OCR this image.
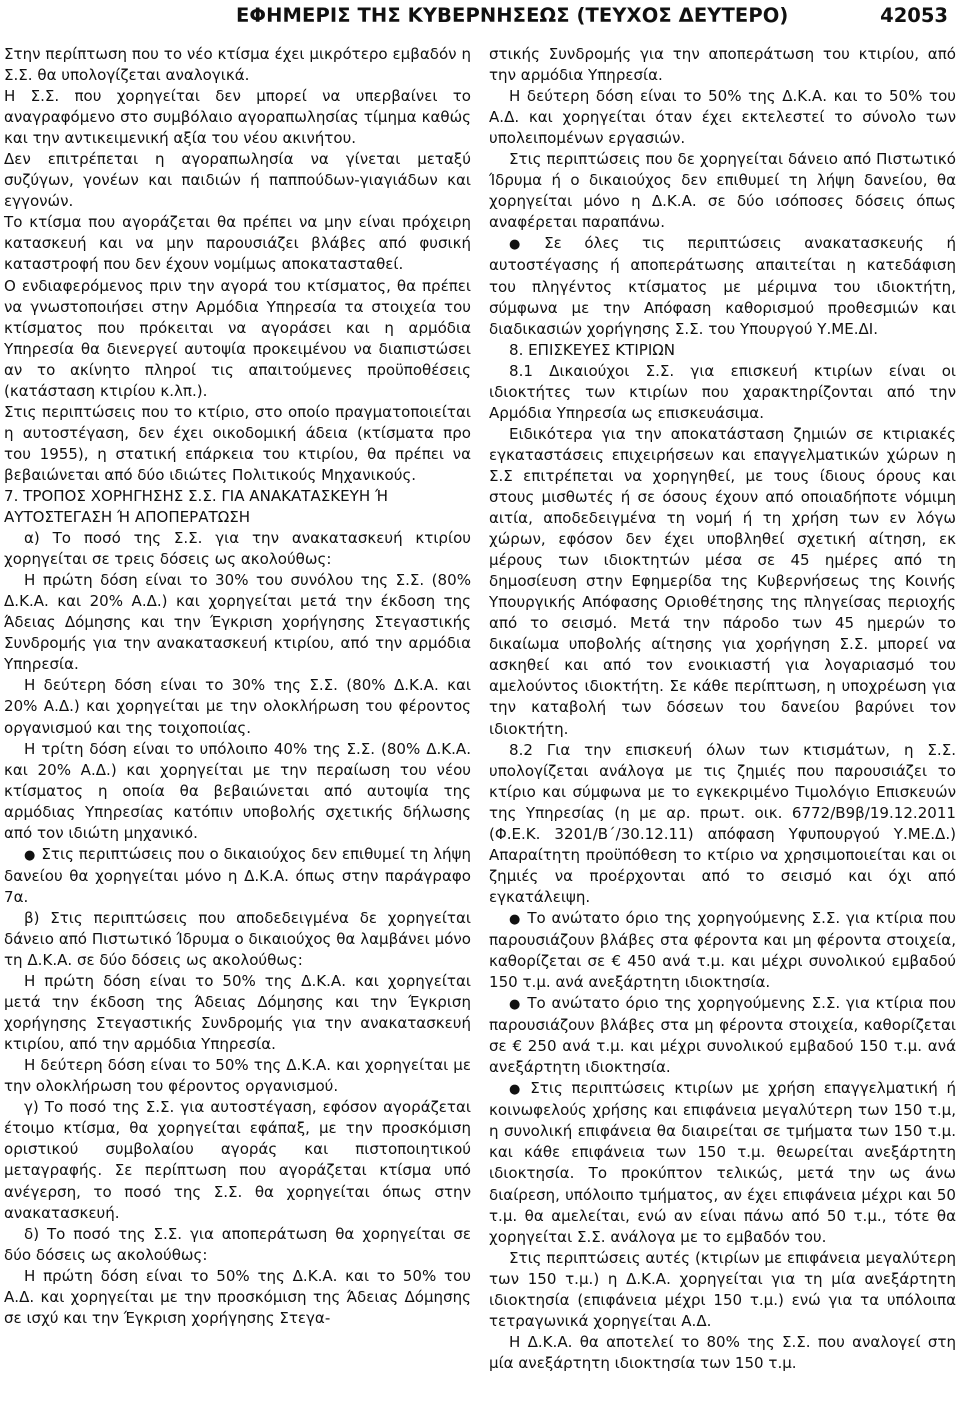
ΕΦΗΜΕΡΙΣ ΤΗΣ ΚΥΒΕΡΝΗΣΕΩΣ (ΤΕΥΧΟΣ ΔΕΥΤΕΡΟ)	42053

Στην περίπτωση που το νέο κτίσμα έχει μικρότερο εμβαδόν η Σ.Σ. θα υπολογίζεται αναλογικά.

Η Σ.Σ. που χορηγείται δεν μπορεί να υπερβαίνει το αναγραφόμενο στο συμβόλαιο αγοραπωλησίας τίμημα καθώς και την αντικειμενική αξία του νέου ακινήτου.

Δεν επιτρέπεται η αγοραπωλησία να γίνεται μεταξύ συζύγων, γονέων και παιδιών ή παππούδων-γιαγιάδων και εγγονών.

Το κτίσμα που αγοράζεται θα πρέπει να μην είναι πρόχειρη κατασκευή και να μην παρουσιάζει βλάβες από φυσική καταστροφή που δεν έχουν νομίμως αποκατασταθεί.

Ο ενδιαφερόμενος πριν την αγορά του κτίσματος, θα πρέπει να γνωστοποιήσει στην Αρμόδια Υπηρεσία τα στοιχεία του κτίσματος που πρόκειται να αγοράσει και η αρμόδια Υπηρεσία θα διενεργεί αυτοψία προκειμένου να διαπιστώσει αν το ακίνητο πληροί τις απαιτούμενες προϋποθέσεις (κατάσταση κτιρίου κ.λπ.).

Στις περιπτώσεις που το κτίριο, στο οποίο πραγματοποιείται η αυτοστέγαση, δεν έχει οικοδομική άδεια (κτίσματα προ του 1955), η στατική επάρκεια του κτιρίου, θα πρέπει να βεβαιώνεται από δύο ιδιώτες Πολιτικούς Μηχανικούς.

7. ΤΡΟΠΟΣ ΧΟΡΗΓΗΣΗΣ Σ.Σ. ΓΙΑ ΑΝΑΚΑΤΑΣΚΕΥΗ Ή ΑΥΤΟΣΤΕΓΑΣΗ Ή ΑΠΟΠΕΡΑΤΩΣΗ

α) Το ποσό της Σ.Σ. για την ανακατασκευή κτιρίου χορηγείται σε τρεις δόσεις ως ακολούθως:

Η πρώτη δόση είναι το 30% του συνόλου της Σ.Σ. (80% Δ.Κ.Α. και 20% Α.Δ.) και χορηγείται μετά την έκδοση της Άδειας Δόμησης και την Έγκριση χορήγησης Στεγαστικής Συνδρομής για την ανακατασκευή κτιρίου, από την αρμόδια Υπηρεσία.

Η δεύτερη δόση είναι το 30% της Σ.Σ. (80% Δ.Κ.Α. και 20% Α.Δ.) και χορηγείται με την ολοκλήρωση του φέροντος οργανισμού και της τοιχοποιίας.

Η τρίτη δόση είναι το υπόλοιπο 40% της Σ.Σ. (80% Δ.Κ.Α. και 20% Α.Δ.) και χορηγείται με την περαίωση του νέου κτίσματος η οποία θα βεβαιώνεται από αυτοψία της αρμόδιας Υπηρεσίας κατόπιν υποβολής σχετικής δήλωσης από τον ιδιώτη μηχανικό.

● Στις περιπτώσεις που ο δικαιούχος δεν επιθυμεί τη λήψη δανείου θα χορηγείται μόνο η Δ.Κ.Α. όπως στην παράγραφο 7α.

β) Στις περιπτώσεις που αποδεδειγμένα δε χορηγείται δάνειο από Πιστωτικό Ίδρυμα ο δικαιούχος θα λαμβάνει μόνο τη Δ.Κ.Α. σε δύο δόσεις ως ακολούθως:

Η πρώτη δόση είναι το 50% της Δ.Κ.Α. και χορηγείται μετά την έκδοση της Άδειας Δόμησης και την Έγκριση χορήγησης Στεγαστικής Συνδρομής για την ανακατασκευή κτιρίου, από την αρμόδια Υπηρεσία.

Η δεύτερη δόση είναι το 50% της Δ.Κ.Α. και χορηγείται με την ολοκλήρωση του φέροντος οργανισμού.

γ) Το ποσό της Σ.Σ. για αυτοστέγαση, εφόσον αγοράζεται έτοιμο κτίσμα, θα χορηγείται εφάπαξ, με την προσκόμιση οριστικού συμβολαίου αγοράς και πιστοποιητικού μεταγραφής. Σε περίπτωση που αγοράζεται κτίσμα υπό ανέγερση, το ποσό της Σ.Σ. θα χορηγείται όπως στην ανακατασκευή.

δ) Το ποσό της Σ.Σ. για αποπεράτωση θα χορηγείται σε δύο δόσεις ως ακολούθως:

Η πρώτη δόση είναι το 50% της Δ.Κ.Α. και το 50% του Α.Δ. και χορηγείται με την προσκόμιση της Άδειας Δόμησης σε ισχύ και την Έγκριση χορήγησης Στεγα-

στικής Συνδρομής για την αποπεράτωση του κτιρίου, από την αρμόδια Υπηρεσία.

Η δεύτερη δόση είναι το 50% της Δ.Κ.Α. και το 50% του Α.Δ. και χορηγείται όταν έχει εκτελεστεί το σύνολο των υπολειπομένων εργασιών.

Στις περιπτώσεις που δε χορηγείται δάνειο από Πιστωτικό Ίδρυμα ή ο δικαιούχος δεν επιθυμεί τη λήψη δανείου, θα χορηγείται μόνο η Δ.Κ.Α. σε δύο ισόποσες δόσεις όπως αναφέρεται παραπάνω.

● Σε όλες τις περιπτώσεις ανακατασκευής ή αυτοστέγασης ή αποπεράτωσης απαιτείται η κατεδάφιση του πληγέντος κτίσματος με μέριμνα του ιδιοκτήτη, σύμφωνα με την Απόφαση καθορισμού προθεσμιών και διαδικασιών χορήγησης Σ.Σ. του Υπουργού Υ.ΜΕ.ΔΙ.

8. ΕΠΙΣΚΕΥΕΣ ΚΤΙΡΙΩΝ

8.1 Δικαιούχοι Σ.Σ. για επισκευή κτιρίων είναι οι ιδιοκτήτες των κτιρίων που χαρακτηρίζονται από την Αρμόδια Υπηρεσία ως επισκευάσιμα.

Ειδικότερα για την αποκατάσταση ζημιών σε κτιριακές εγκαταστάσεις επιχειρήσεων και επαγγελματικών χώρων η Σ.Σ επιτρέπεται να χορηγηθεί, με τους ίδιους όρους και στους μισθωτές ή σε όσους έχουν από οποιαδήποτε νόμιμη αιτία, αποδεδειγμένα τη νομή ή τη χρήση των εν λόγω χώρων, εφόσον δεν έχει υποβληθεί σχετική αίτηση, εκ μέρους των ιδιοκτητών μέσα σε 45 ημέρες από τη δημοσίευση στην Εφημερίδα της Κυβερνήσεως της Κοινής Υπουργικής Απόφασης Οριοθέτησης της πληγείσας περιοχής από το σεισμό. Μετά την πάροδο των 45 ημερών το δικαίωμα υποβολής αίτησης για χορήγηση Σ.Σ. μπορεί να ασκηθεί και από τον ενοικιαστή για λογαριασμό του αμελούντος ιδιοκτήτη. Σε κάθε περίπτωση, η υποχρέωση για την καταβολή των δόσεων του δανείου βαρύνει τον ιδιοκτήτη.

8.2 Για την επισκευή όλων των κτισμάτων, η Σ.Σ. υπολογίζεται ανάλογα με τις ζημιές που παρουσιάζει το κτίριο και σύμφωνα με το εγκεκριμένο Τιμολόγιο Επισκευών της Υπηρεσίας (η με αρ. πρωτ. οικ. 6772/Β9β/19.12.2011 (Φ.Ε.Κ. 3201/Β΄/30.12.11) απόφαση Υφυπουργού Υ.ΜΕ.Δ.) Απαραίτητη προϋπόθεση το κτίριο να χρησιμοποιείται και οι ζημιές να προέρχονται από το σεισμό και όχι από εγκατάλειψη.

● Το ανώτατο όριο της χορηγούμενης Σ.Σ. για κτίρια που παρουσιάζουν βλάβες στα φέροντα και μη φέροντα στοιχεία, καθορίζεται σε € 450 ανά τ.μ. και μέχρι συνολικού εμβαδού 150 τ.μ. ανά ανεξάρτητη ιδιοκτησία.

● Το ανώτατο όριο της χορηγούμενης Σ.Σ. για κτίρια που παρουσιάζουν βλάβες στα μη φέροντα στοιχεία, καθορίζεται σε € 250 ανά τ.μ. και μέχρι συνολικού εμβαδού 150 τ.μ. ανά ανεξάρτητη ιδιοκτησία.

● Στις περιπτώσεις κτιρίων με χρήση επαγγελματική ή κοινωφελούς χρήσης και επιφάνεια μεγαλύτερη των 150 τ.μ, η συνολική επιφάνεια θα διαιρείται σε τμήματα των 150 τ.μ. και κάθε επιφάνεια των 150 τ.μ. θεωρείται ανεξάρτητη ιδιοκτησία. Το προκύπτον τελικώς, μετά την ως άνω διαίρεση, υπόλοιπο τμήματος, αν έχει επιφάνεια μέχρι και 50 τ.μ. θα αμελείται, ενώ αν είναι πάνω από 50 τ.μ., τότε θα χορηγείται Σ.Σ. ανάλογα με το εμβαδόν του.

Στις περιπτώσεις αυτές (κτιρίων με επιφάνεια μεγαλύτερη των 150 τ.μ.) η Δ.Κ.Α. χορηγείται για τη μία ανεξάρτητη ιδιοκτησία (επιφάνεια μέχρι 150 τ.μ.) ενώ για τα υπόλοιπα τετραγωνικά χορηγείται Α.Δ.

Η Δ.Κ.Α. θα αποτελεί το 80% της Σ.Σ. που αναλογεί στη μία ανεξάρτητη ιδιοκτησία των 150 τ.μ.
